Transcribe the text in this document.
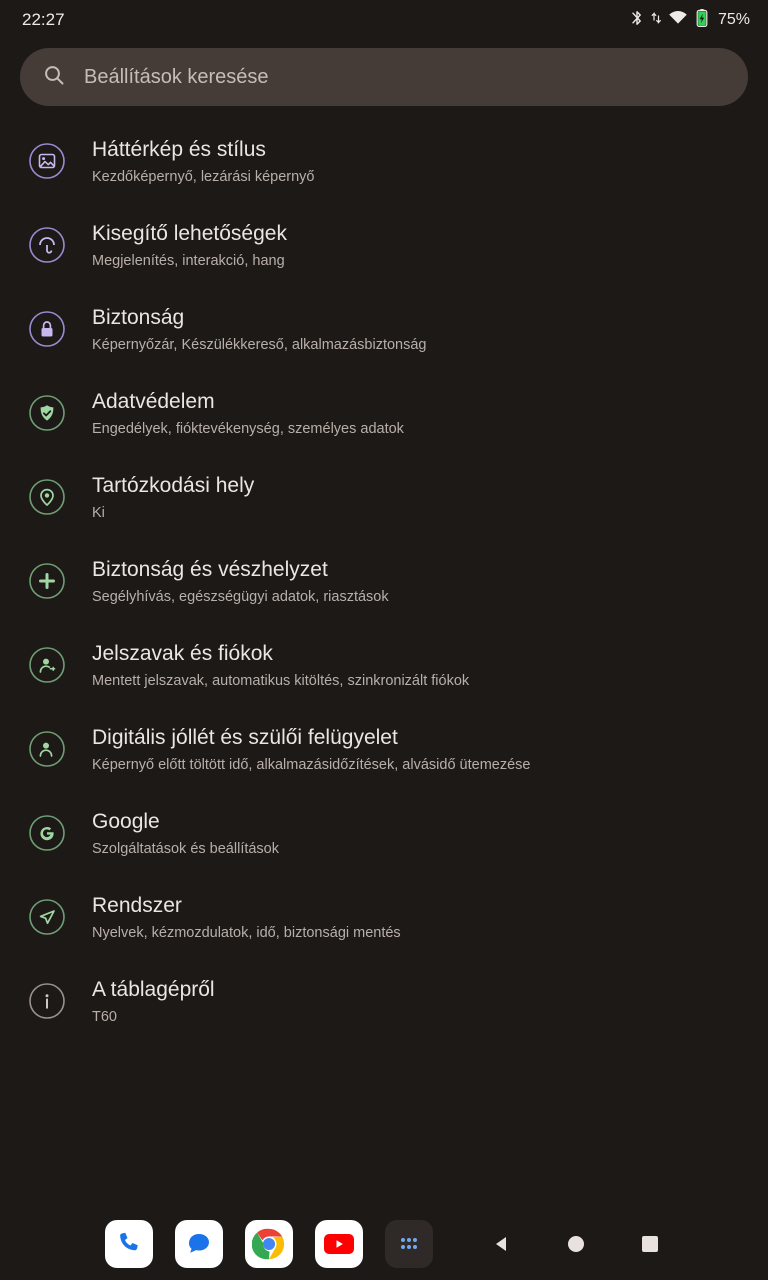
22:27	75%
Beállítások keresése
Háttérkép és stílus
Kezdőképernyő, lezárási képernyő
Kisegítő lehetőségek
Megjelenítés, interakció, hang
Biztonság
Képernyőzár, Készülékkereső, alkalmazásbiztonság
Adatvédelem
Engedélyek, fióktevékenység, személyes adatok
Tartózkodási hely
Ki
Biztonság és vészhelyzet
Segélyhívás, egészségügyi adatok, riasztások
Jelszavak és fiókok
Mentett jelszavak, automatikus kitöltés, szinkronizált fiókok
Digitális jóllét és szülői felügyelet
Képernyő előtt töltött idő, alkalmazásidőzítések, alvásidő ütemezése
Google
Szolgáltatások és beállítások
Rendszer
Nyelvek, kézmozdulatok, idő, biztonsági mentés
A táblagépről
T60
